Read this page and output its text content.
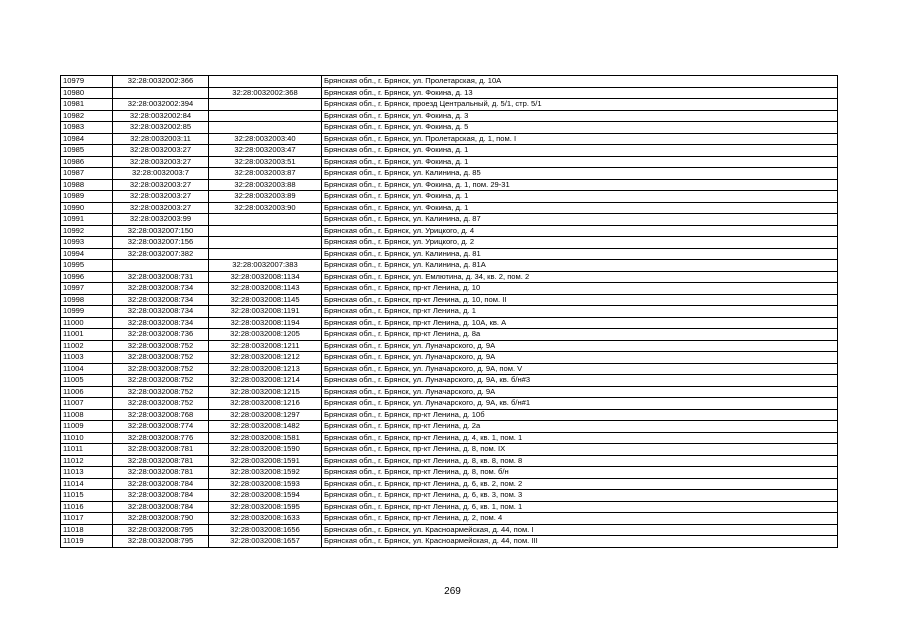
10979	32:28:0032002:366		Брянская обл., г. Брянск, ул. Пролетарская, д. 10А
10980		32:28:0032002:368	Брянская обл., г. Брянск, ул. Фокина, д. 13
10981	32:28:0032002:394		Брянская обл., г. Брянск, проезд Центральный, д. 5/1, стр. 5/1
10982	32:28:0032002:84		Брянская обл., г. Брянск, ул. Фокина, д. 3
10983	32:28:0032002:85		Брянская обл., г. Брянск, ул. Фокина, д. 5
10984	32:28:0032003:11	32:28:0032003:40	Брянская обл., г. Брянск, ул. Пролетарская, д. 1, пом. I
10985	32:28:0032003:27	32:28:0032003:47	Брянская обл., г. Брянск, ул. Фокина, д. 1
10986	32:28:0032003:27	32:28:0032003:51	Брянская обл., г. Брянск, ул. Фокина, д. 1
10987	32:28:0032003:7	32:28:0032003:87	Брянская обл., г. Брянск, ул. Калинина, д. 85
10988	32:28:0032003:27	32:28:0032003:88	Брянская обл., г. Брянск, ул. Фокина, д. 1, пом. 29-31
10989	32:28:0032003:27	32:28:0032003:89	Брянская обл., г. Брянск, ул. Фокина, д. 1
10990	32:28:0032003:27	32:28:0032003:90	Брянская обл., г. Брянск, ул. Фокина, д. 1
10991	32:28:0032003:99		Брянская обл., г. Брянск, ул. Калинина, д. 87
10992	32:28:0032007:150		Брянская обл., г. Брянск, ул. Урицкого, д. 4
10993	32:28:0032007:156		Брянская обл., г. Брянск, ул. Урицкого, д. 2
10994	32:28:0032007:382		Брянская обл., г. Брянск, ул. Калинина, д. 81
10995		32:28:0032007:383	Брянская обл., г. Брянск, ул. Калинина, д. 81А
10996	32:28:0032008:731	32:28:0032008:1134	Брянская обл., г. Брянск, ул. Емлютина, д. 34, кв. 2, пом. 2
10997	32:28:0032008:734	32:28:0032008:1143	Брянская обл., г. Брянск, пр-кт Ленина, д. 10
10998	32:28:0032008:734	32:28:0032008:1145	Брянская обл., г. Брянск, пр-кт Ленина, д. 10, пом. II
10999	32:28:0032008:734	32:28:0032008:1191	Брянская обл., г. Брянск, пр-кт Ленина, д. 1
11000	32:28:0032008:734	32:28:0032008:1194	Брянская обл., г. Брянск, пр-кт Ленина, д. 10А, кв. А
11001	32:28:0032008:736	32:28:0032008:1205	Брянская обл., г. Брянск, пр-кт Ленина, д. 8а
11002	32:28:0032008:752	32:28:0032008:1211	Брянская обл., г. Брянск, ул. Луначарского, д. 9А
11003	32:28:0032008:752	32:28:0032008:1212	Брянская обл., г. Брянск, ул. Луначарского, д. 9А
11004	32:28:0032008:752	32:28:0032008:1213	Брянская обл., г. Брянск, ул. Луначарского, д. 9А, пом. V
11005	32:28:0032008:752	32:28:0032008:1214	Брянская обл., г. Брянск, ул. Луначарского, д. 9А, кв. б/н#3
11006	32:28:0032008:752	32:28:0032008:1215	Брянская обл., г. Брянск, ул. Луначарского, д. 9А
11007	32:28:0032008:752	32:28:0032008:1216	Брянская обл., г. Брянск, ул. Луначарского, д. 9А, кв. б/н#1
11008	32:28:0032008:768	32:28:0032008:1297	Брянская обл., г. Брянск, пр-кт Ленина, д. 10б
11009	32:28:0032008:774	32:28:0032008:1482	Брянская обл., г. Брянск, пр-кт Ленина, д. 2а
11010	32:28:0032008:776	32:28:0032008:1581	Брянская обл., г. Брянск, пр-кт Ленина, д. 4, кв. 1, пом. 1
11011	32:28:0032008:781	32:28:0032008:1590	Брянская обл., г. Брянск, пр-кт Ленина, д. 8, пом. IX
11012	32:28:0032008:781	32:28:0032008:1591	Брянская обл., г. Брянск, пр-кт Ленина, д. 8, кв. 8, пом. 8
11013	32:28:0032008:781	32:28:0032008:1592	Брянская обл., г. Брянск, пр-кт Ленина, д. 8, пом. б/н
11014	32:28:0032008:784	32:28:0032008:1593	Брянская обл., г. Брянск, пр-кт Ленина, д. 6, кв. 2, пом. 2
11015	32:28:0032008:784	32:28:0032008:1594	Брянская обл., г. Брянск, пр-кт Ленина, д. 6, кв. 3, пом. 3
11016	32:28:0032008:784	32:28:0032008:1595	Брянская обл., г. Брянск, пр-кт Ленина, д. 6, кв. 1, пом. 1
11017	32:28:0032008:790	32:28:0032008:1633	Брянская обл., г. Брянск, пр-кт Ленина, д. 2, пом. 4
11018	32:28:0032008:795	32:28:0032008:1656	Брянская обл., г. Брянск, ул. Красноармейская, д. 44, пом. I
11019	32:28:0032008:795	32:28:0032008:1657	Брянская обл., г. Брянск, ул. Красноармейская, д. 44, пом. III
269
